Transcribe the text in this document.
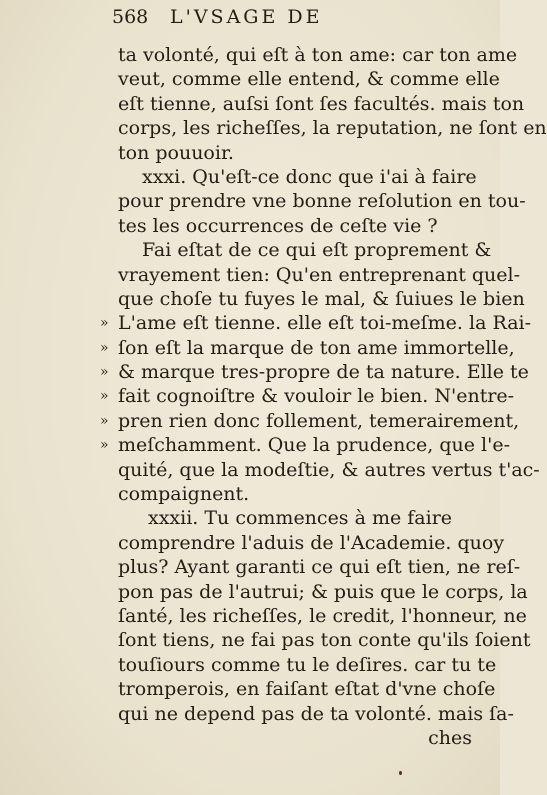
568 L'VSAGE DE
ta volonté, qui eſt à ton ame: car ton ame
veut, comme elle entend, & comme elle
eſt tienne, auſsi ſont ſes facultés. mais ton
corps, les richeſſes, la reputation, ne ſont en
ton pouuoir.
xxxi. Qu'eſt-ce donc que i'ai à faire
pour prendre vne bonne reſolution en tou-
tes les occurrences de ceſte vie ?
Fai eſtat de ce qui eſt proprement &
vrayement tien: Qu'en entreprenant quel-
que choſe tu fuyes le mal, & ſuiues le bien
» L'ame eſt tienne. elle eſt toi-meſme. la Rai-
» ſon eſt la marque de ton ame immortelle,
» & marque tres-propre de ta nature. Elle te
» fait cognoiſtre & vouloir le bien. N'entre-
» pren rien donc follement, temerairement,
» meſchamment. Que la prudence, que l'e-
quité, que la modeſtie, & autres vertus t'ac-
compaignent.
xxxii. Tu commences à me faire
comprendre l'aduis de l'Academie. quoy
plus? Ayant garanti ce qui eſt tien, ne reſ-
pon pas de l'autrui; & puis que le corps, la
ſanté, les richeſſes, le credit, l'honneur, ne
ſont tiens, ne fai pas ton conte qu'ils ſoient
touſiours comme tu le deſires. car tu te
tromperois, en faiſant eſtat d'vne choſe
qui ne depend pas de ta volonté. mais ſa-
ches
